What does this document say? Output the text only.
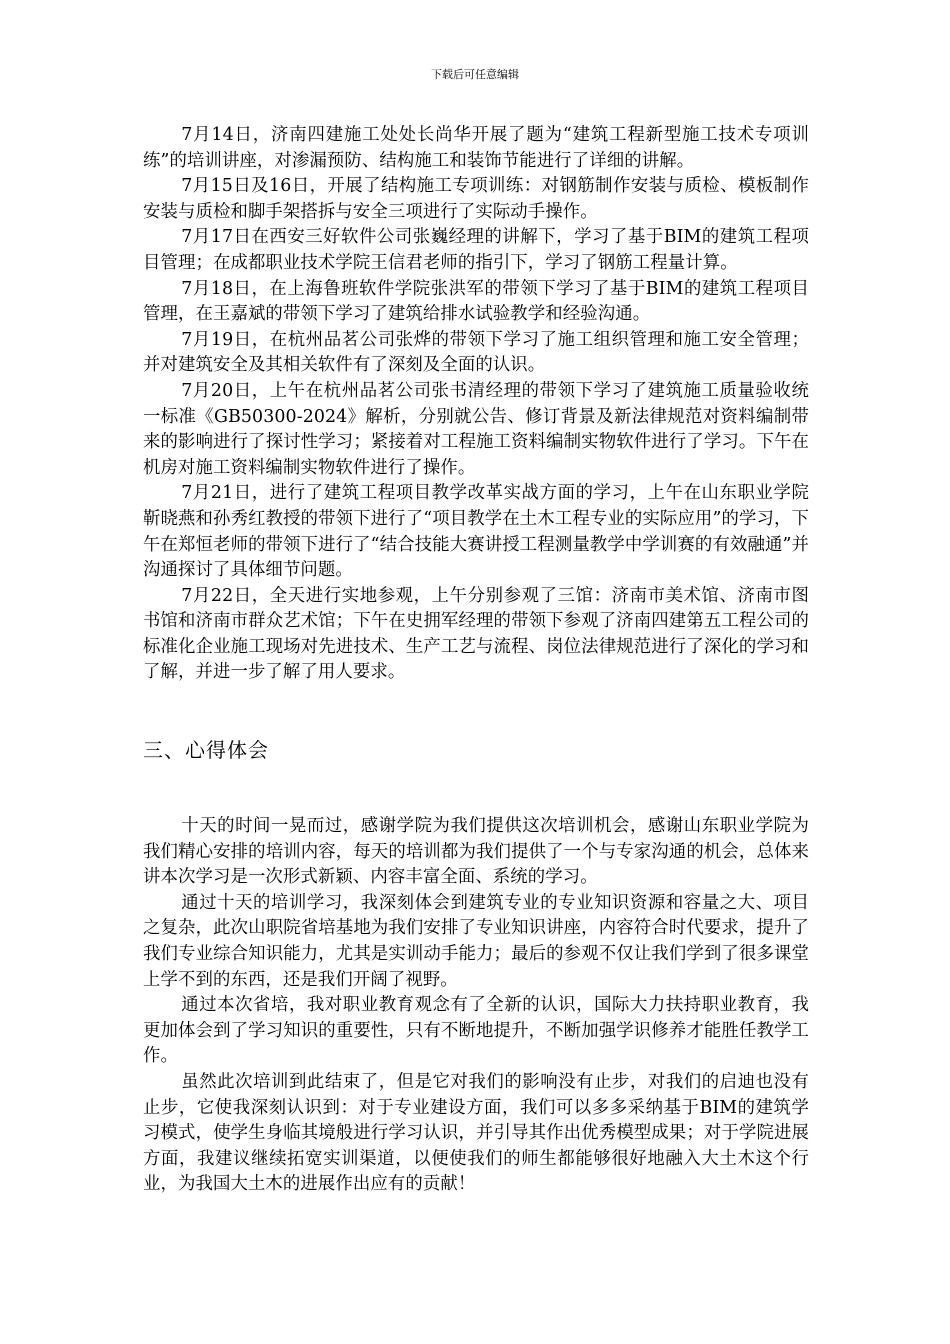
下载后可任意编辑

7月14日，济南四建施工处处长尚华开展了题为“建筑工程新型施工技术专项训练”的培训讲座，对渗漏预防、结构施工和装饰节能进行了详细的讲解。

7月15日及16日，开展了结构施工专项训练：对钢筋制作安装与质检、模板制作安装与质检和脚手架搭拆与安全三项进行了实际动手操作。

7月17日在西安三好软件公司张巍经理的讲解下，学习了基于BIM的建筑工程项目管理；在成都职业技术学院王信君老师的指引下，学习了钢筋工程量计算。

7月18日，在上海鲁班软件学院张洪军的带领下学习了基于BIM的建筑工程项目管理，在王嘉斌的带领下学习了建筑给排水试验教学和经验沟通。

7月19日，在杭州品茗公司张烨的带领下学习了施工组织管理和施工安全管理；并对建筑安全及其相关软件有了深刻及全面的认识。

7月20日，上午在杭州品茗公司张书清经理的带领下学习了建筑施工质量验收统一标准《GB50300-2024》解析，分别就公告、修订背景及新法律规范对资料编制带来的影响进行了探讨性学习；紧接着对工程施工资料编制实物软件进行了学习。下午在机房对施工资料编制实物软件进行了操作。

7月21日，进行了建筑工程项目教学改革实战方面的学习，上午在山东职业学院靳晓燕和孙秀红教授的带领下进行了“项目教学在土木工程专业的实际应用”的学习，下午在郑恒老师的带领下进行了“结合技能大赛讲授工程测量教学中学训赛的有效融通”并沟通探讨了具体细节问题。

7月22日，全天进行实地参观，上午分别参观了三馆：济南市美术馆、济南市图书馆和济南市群众艺术馆；下午在史拥军经理的带领下参观了济南四建第五工程公司的标准化企业施工现场对先进技术、生产工艺与流程、岗位法律规范进行了深化的学习和了解，并进一步了解了用人要求。

三、心得体会

十天的时间一晃而过，感谢学院为我们提供这次培训机会，感谢山东职业学院为我们精心安排的培训内容，每天的培训都为我们提供了一个与专家沟通的机会，总体来讲本次学习是一次形式新颖、内容丰富全面、系统的学习。

通过十天的培训学习，我深刻体会到建筑专业的专业知识资源和容量之大、项目之复杂，此次山职院省培基地为我们安排了专业知识讲座，内容符合时代要求，提升了我们专业综合知识能力，尤其是实训动手能力；最后的参观不仅让我们学到了很多课堂上学不到的东西，还是我们开阔了视野。

通过本次省培，我对职业教育观念有了全新的认识，国际大力扶持职业教育，我更加体会到了学习知识的重要性，只有不断地提升，不断加强学识修养才能胜任教学工作。

虽然此次培训到此结束了，但是它对我们的影响没有止步，对我们的启迪也没有止步，它使我深刻认识到：对于专业建设方面，我们可以多多采纳基于BIM的建筑学习模式，使学生身临其境般进行学习认识，并引导其作出优秀模型成果；对于学院进展方面，我建议继续拓宽实训渠道，以便使我们的师生都能够很好地融入大土木这个行业，为我国大土木的进展作出应有的贡献！
